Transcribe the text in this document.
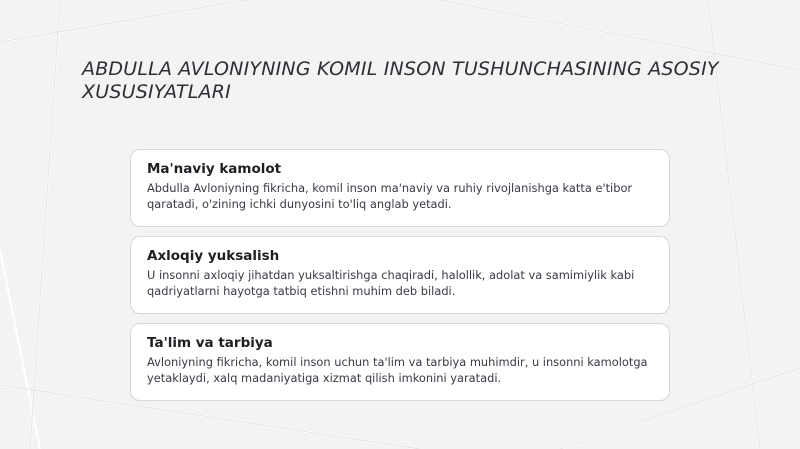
ABDULLA AVLONIYNING KOMIL INSON TUSHUNCHASINING ASOSIY XUSUSIYATLARI
Ma'naviy kamolot
Abdulla Avloniyning fikricha, komil inson ma'naviy va ruhiy rivojlanishga katta e'tibor qaratadi, o'zining ichki dunyosini to'liq anglab yetadi.
Axloqiy yuksalish
U insonni axloqiy jihatdan yuksaltirishga chaqiradi, halollik, adolat va samimiylik kabi qadriyatlarni hayotga tatbiq etishni muhim deb biladi.
Ta'lim va tarbiya
Avloniyning fikricha, komil inson uchun ta'lim va tarbiya muhimdir, u insonni kamolotga yetaklaydi, xalq madaniyatiga xizmat qilish imkonini yaratadi.
